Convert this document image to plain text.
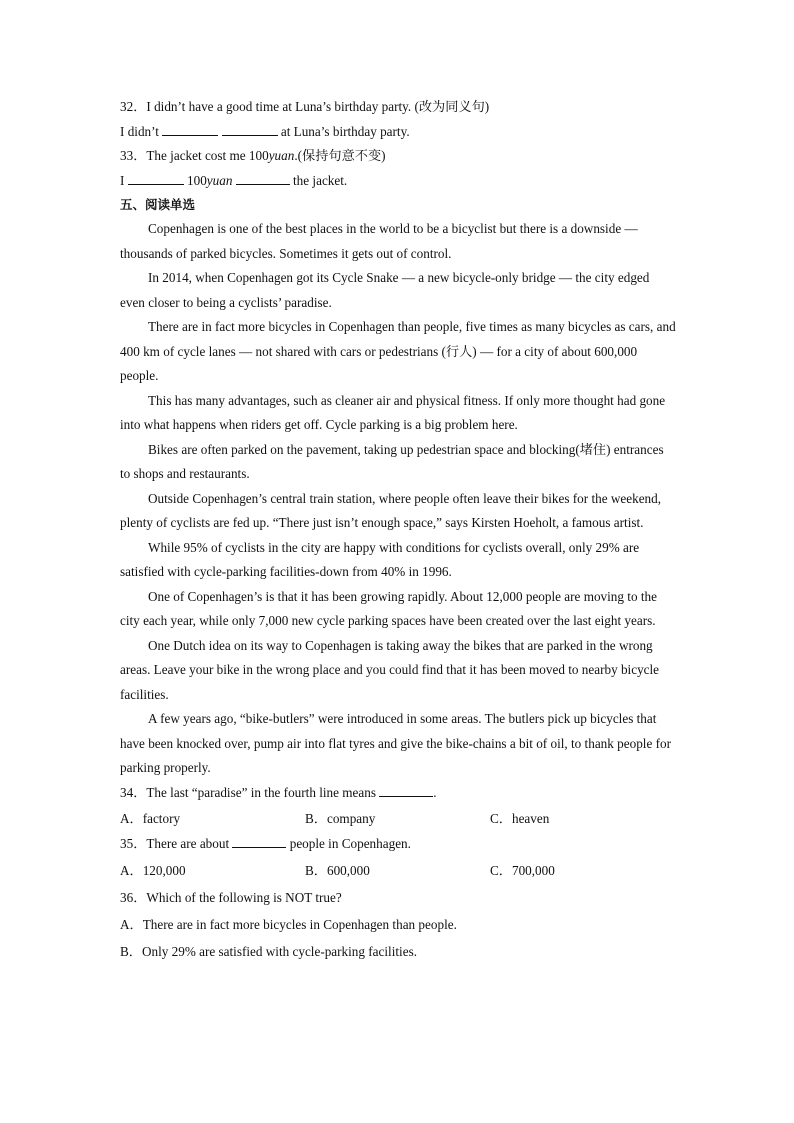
32．I didn’t have a good time at Luna’s birthday party. (改为同义句)
I didn’t	at Luna’s birthday party.
33．The jacket cost me 100yuan.(保持句意不变)
I	100yuan	the jacket.
五、阅读单选

Copenhagen is one of the best places in the world to be a bicyclist but there is a downside — thousands of parked bicycles. Sometimes it gets out of control.

In 2014, when Copenhagen got its Cycle Snake — a new bicycle-only bridge — the city edged even closer to being a cyclists’ paradise.

There are in fact more bicycles in Copenhagen than people, five times as many bicycles as cars, and 400 km of cycle lanes — not shared with cars or pedestrians (行人) — for a city of about 600,000 people.

This has many advantages, such as cleaner air and physical fitness. If only more thought had gone into what happens when riders get off. Cycle parking is a big problem here.

Bikes are often parked on the pavement, taking up pedestrian space and blocking(堵住) entrances to shops and restaurants.

Outside Copenhagen’s central train station, where people often leave their bikes for the weekend, plenty of cyclists are fed up. “There just isn’t enough space,” says Kirsten Hoeholt, a famous artist.

While 95% of cyclists in the city are happy with conditions for cyclists overall, only 29% are satisfied with cycle-parking facilities-down from 40% in 1996.

One of Copenhagen’s is that it has been growing rapidly. About 12,000 people are moving to the city each year, while only 7,000 new cycle parking spaces have been created over the last eight years.

One Dutch idea on its way to Copenhagen is taking away the bikes that are parked in the wrong areas. Leave your bike in the wrong place and you could find that it has been moved to nearby bicycle facilities.

A few years ago, “bike-butlers” were introduced in some areas. The butlers pick up bicycles that have been knocked over, pump air into flat tyres and give the bike-chains a bit of oil, to thank people for parking properly.

34．The last “paradise” in the fourth line means	.
A．factory	B．company	C．heaven
35．There are about	people in Copenhagen.
A．120,000	B．600,000	C．700,000
36．Which of the following is NOT true?
A．There are in fact more bicycles in Copenhagen than people.
B．Only 29% are satisfied with cycle-parking facilities.
